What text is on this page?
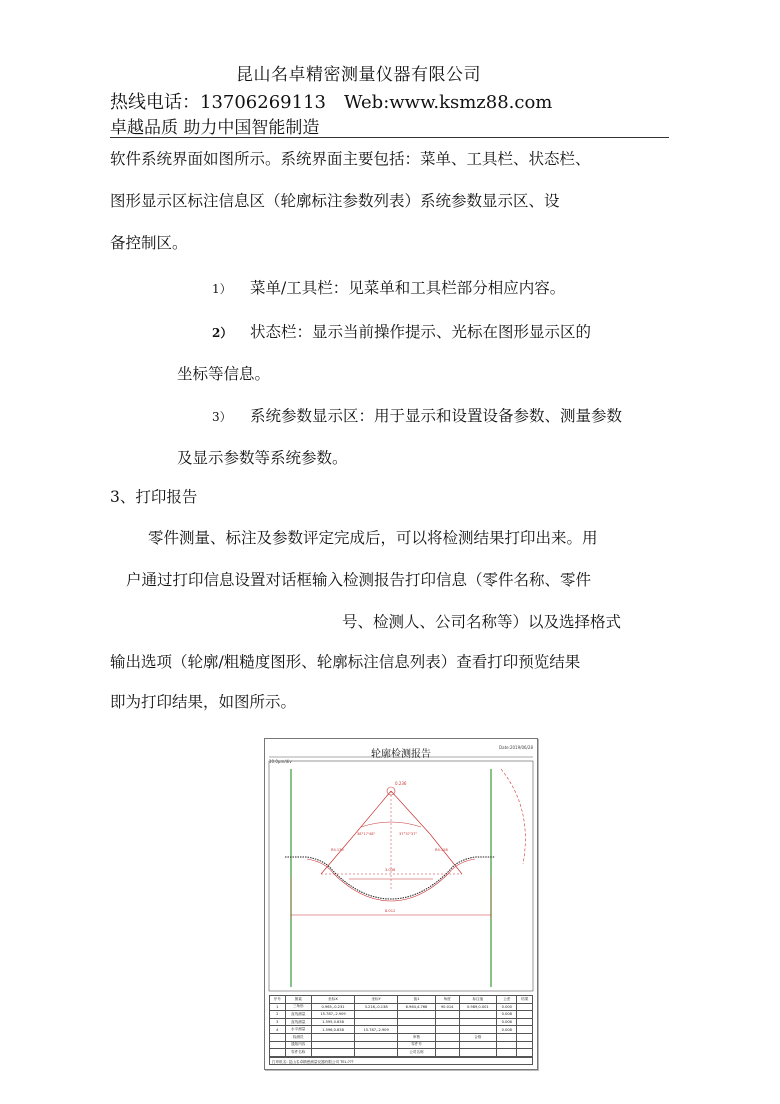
昆山名卓精密测量仪器有限公司
热线电话：13706269113 Web:www.ksmz88.com
卓越品质 助力中国智能制造
软件系统界面如图所示。系统界面主要包括：菜单、工具栏、状态栏、
图形显示区标注信息区（轮廓标注参数列表）系统参数显示区、设
备控制区。
1） 菜单/工具栏：见菜单和工具栏部分相应内容。
2） 状态栏：显示当前操作提示、光标在图形显示区的
坐标等信息。
3） 系统参数显示区：用于显示和设置设备参数、测量参数
及显示参数等系统参数。
3、打印报告
零件测量、标注及参数评定完成后，可以将检测结果打印出来。用
户通过打印信息设置对话框输入检测报告打印信息（零件名称、零件
号、检测人、公司名称等）以及选择格式
输出选项（轮廓/粗糙度图形、轮廓标注信息列表）查看打印预览结果
即为打印结果，如图所示。
0.236
38°17'48"	37°37'37"
R4.135	R4.158
3.038
8.012
轮廓检测报告
Date:2019/06/28
10.0μm/div
序号	图素	坐标X	坐标Y	值1	角度	标注值	公差	结果
1	三角形	0.965,-0.231	3.216,-0.138	6.964,4.766	90.014	0.989,0.001	0.000	
2	直线测量	15.787,-2.909					0.008	
3	直线测量	1.595,0.638					0.006	
4	水平测量	1.596,0.638	15.787,-2.909				0.008	
	检测员			审核		合格		
	通知内容			零件号				
	零件名称			公司名称				
打印机名: 昆山名卓精密测量仪器有限公司 TEL:???
